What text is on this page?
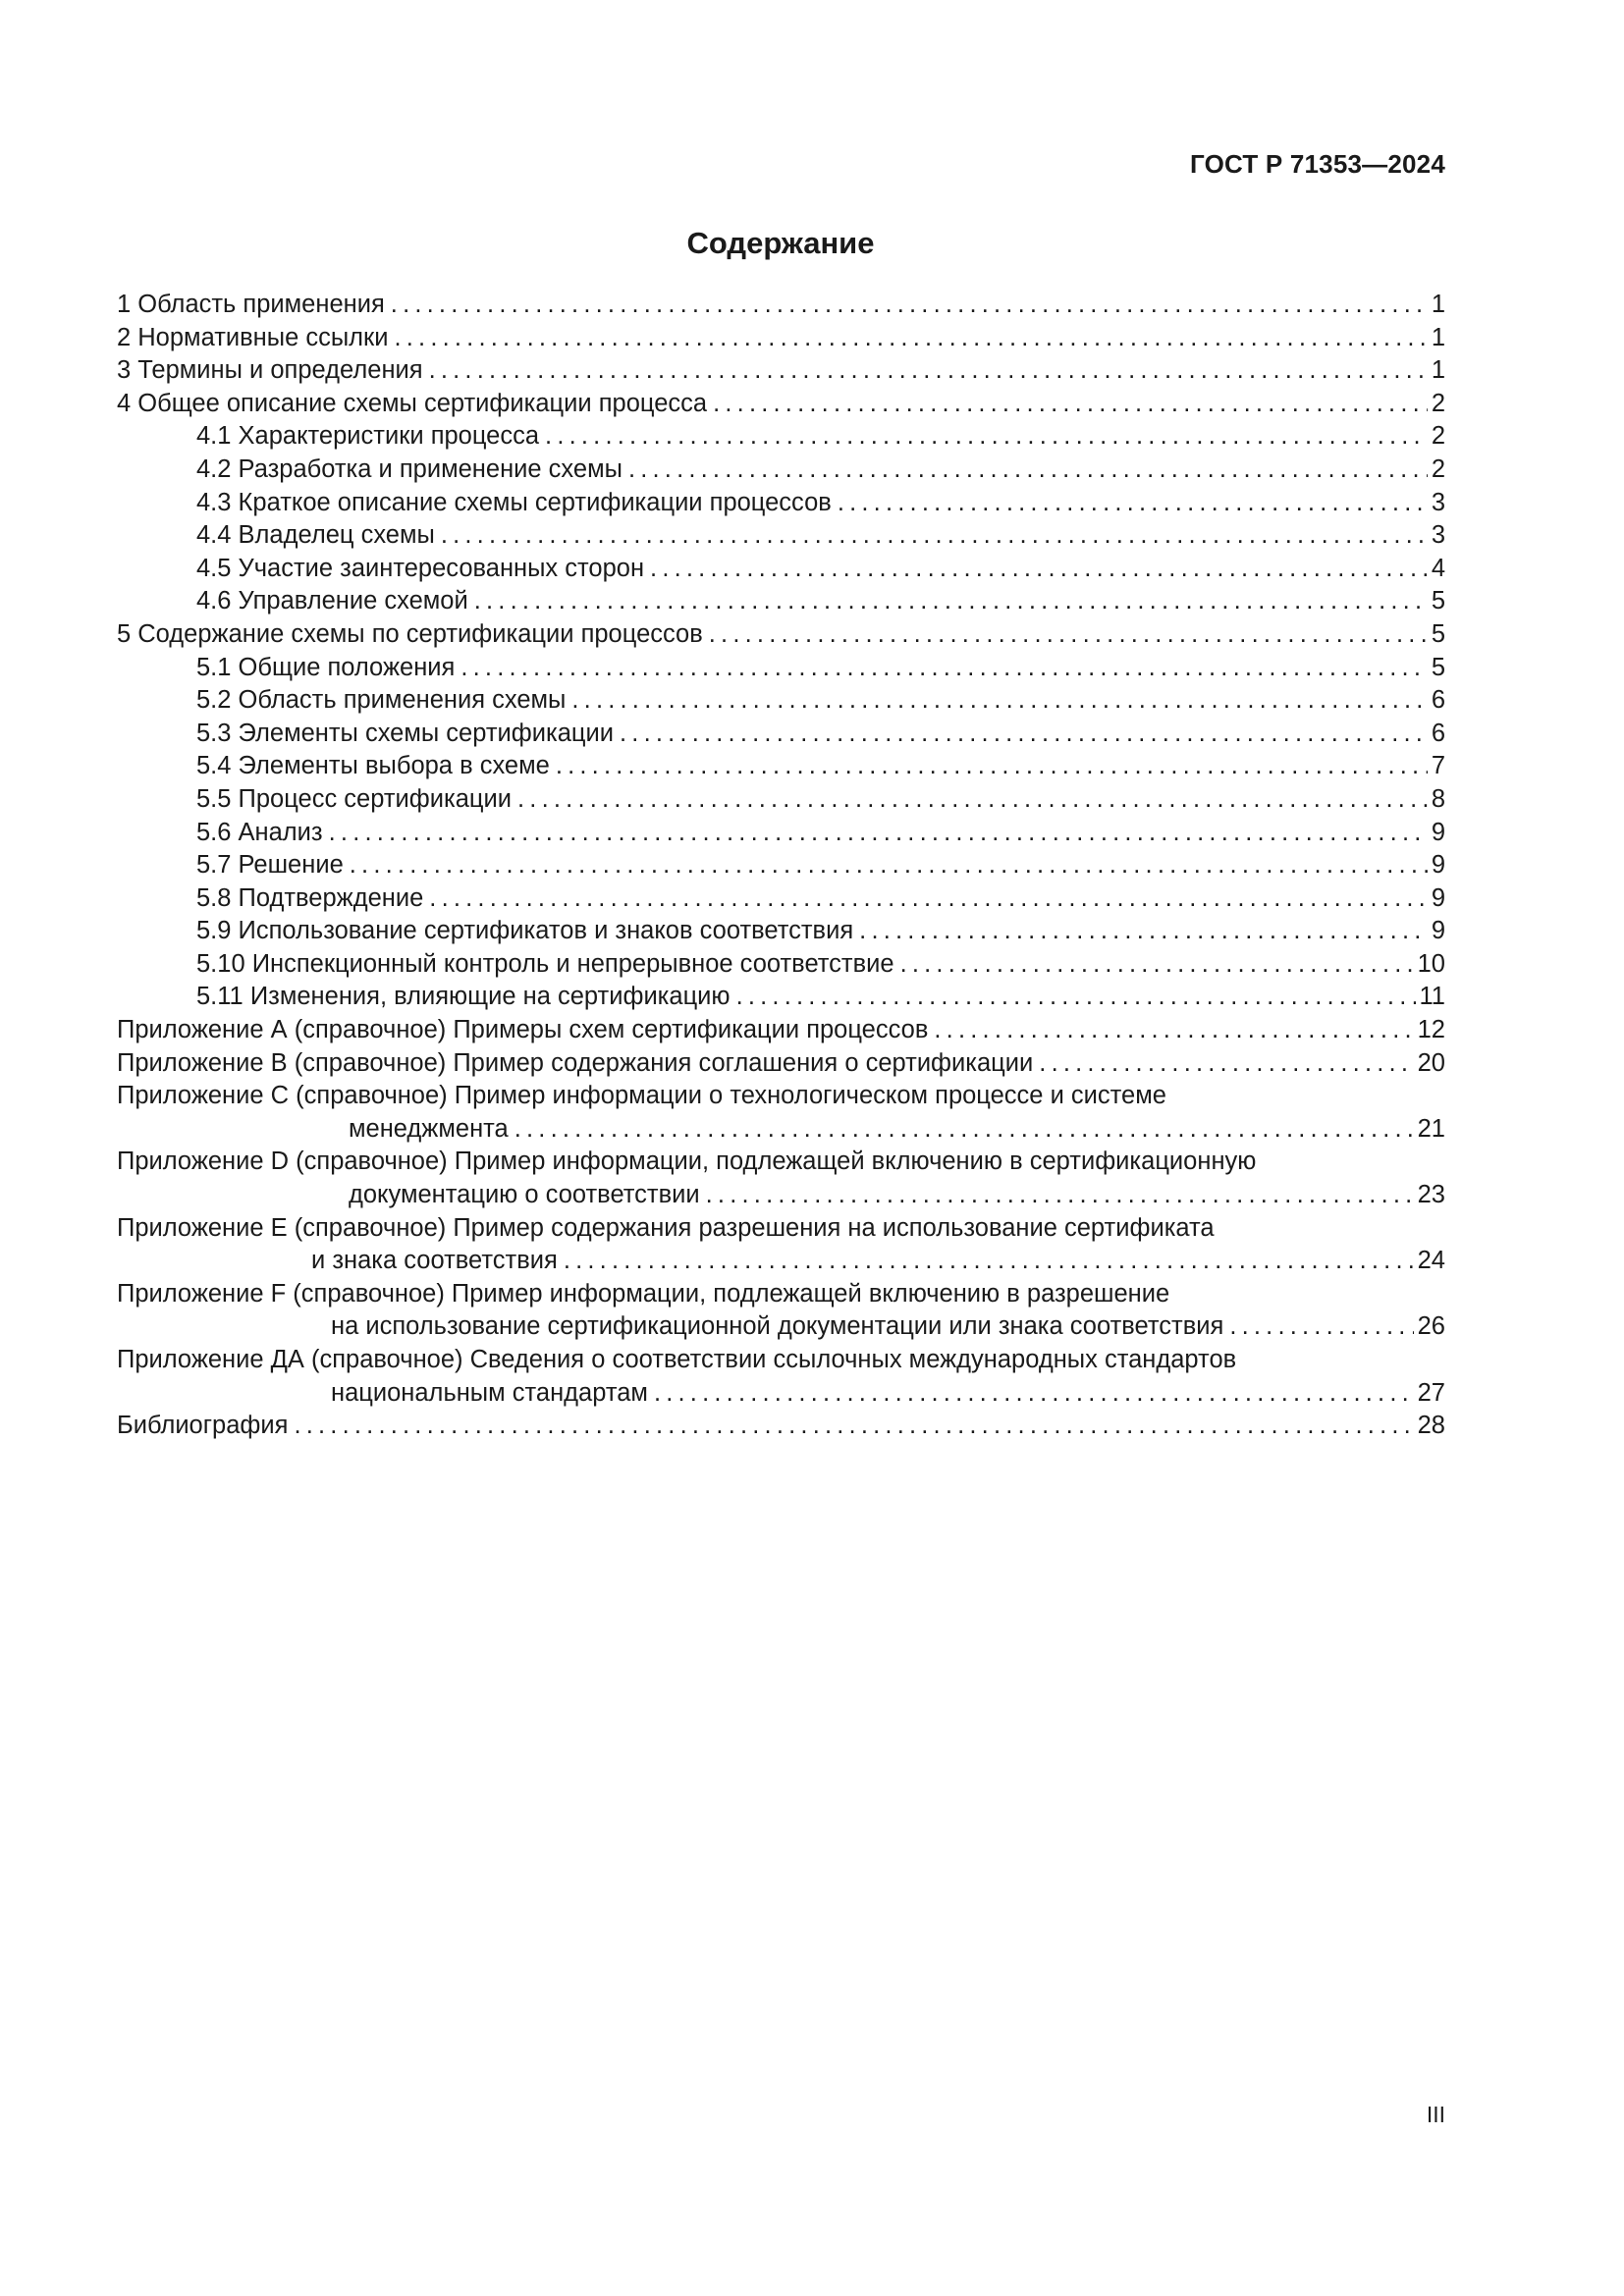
ГОСТ Р 71353—2024
Содержание
1 Область применения .....	1
2 Нормативные ссылки .....	1
3 Термины и определения .....	1
4 Общее описание схемы сертификации процесса .....	2
4.1 Характеристики процесса .....	2
4.2 Разработка и применение схемы .....	2
4.3 Краткое описание схемы сертификации процессов .....	3
4.4 Владелец схемы .....	3
4.5 Участие заинтересованных сторон .....	4
4.6 Управление схемой .....	5
5 Содержание схемы по сертификации процессов .....	5
5.1 Общие положения .....	5
5.2 Область применения схемы .....	6
5.3 Элементы схемы сертификации .....	6
5.4 Элементы выбора в схеме .....	7
5.5 Процесс сертификации .....	8
5.6 Анализ .....	9
5.7 Решение .....	9
5.8 Подтверждение .....	9
5.9 Использование сертификатов и знаков соответствия .....	9
5.10 Инспекционный контроль и непрерывное соответствие .....	10
5.11 Изменения, влияющие на сертификацию .....	11
Приложение А (справочное) Примеры схем сертификации процессов .....	12
Приложение В (справочное) Пример содержания соглашения о сертификации .....	20
Приложение С (справочное) Пример информации о технологическом процессе и системе
менеджмента .....	21
Приложение D (справочное) Пример информации, подлежащей включению в сертификационную
документацию о соответствии .....	23
Приложение Е (справочное) Пример содержания разрешения на использование сертификата
и знака соответствия .....	24
Приложение F (справочное) Пример информации, подлежащей включению в разрешение
на использование сертификационной документации или знака соответствия .....	26
Приложение ДА (справочное) Сведения о соответствии ссылочных международных стандартов
национальным стандартам .....	27
Библиография .....	28
III
